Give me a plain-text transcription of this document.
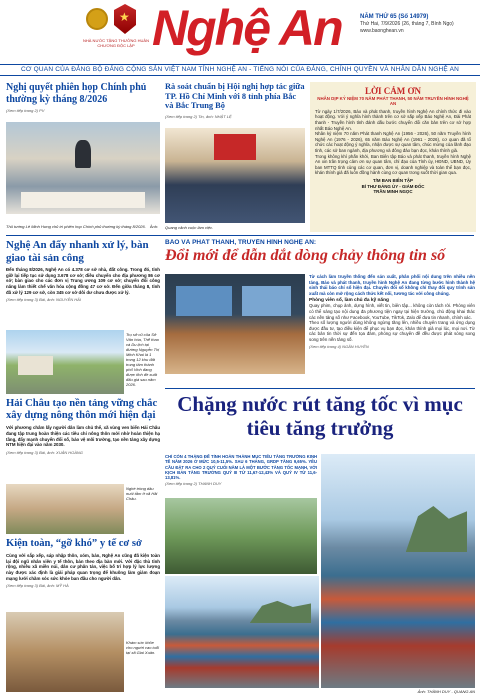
★
NHÀ NƯỚC TẶNG THƯỞNG HUÂN CHƯƠNG ĐỘC LẬP Nghệ An	NĂM THỨ 65 (Số 14979)
Thứ Hai, 7/9/2026 (26, tháng 7, Bính Ngọ)
www.baonghean.vn
CƠ QUAN CỦA ĐẢNG BỘ ĐẢNG CỘNG SẢN VIỆT NAM TỈNH NGHỆ AN - TIẾNG NÓI CỦA ĐẢNG, CHÍNH QUYỀN VÀ NHÂN DÂN NGHỆ AN
Nghị quyết phiên họp Chính phủ thường kỳ tháng 8/2026
(Xem tiếp trang 2) PV
Thủ tướng Lê Minh Hưng chủ trì phiên họp Chính phủ thường kỳ tháng 8/2026. Ảnh:
Rà soát chuẩn bị Hội nghị hợp tác giữa TP. Hồ Chí Minh với 8 tỉnh phía Bắc và Bắc Trung Bộ
(Xem tiếp trang 2) Tin, ảnh: NHẬT LỆ
Quang cảnh cuộc làm việc.
LỜI CẢM ƠN
NHÂN DỊP KỶ NIỆM 70 NĂM PHÁT THANH, 50 NĂM TRUYỀN HÌNH NGHỆ AN
Từ ngày 1/7/2026, Báo và phát thanh, truyền hình Nghệ An chính thức đi vào hoạt động. Với ý nghĩa hình thành trên cơ sở sắp xếp Báo Nghệ An, Đài Phát thanh - Truyền hình tỉnh đánh dấu bước chuyển đổi căn bản trên cơ sở hợp nhất Báo Nghệ An.
Nhân kỷ niệm 70 năm Phát thanh Nghệ An (1956 - 2026), 50 năm Truyền hình Nghệ An (1976 - 2026), 65 năm Báo Nghệ An (1961 - 2026), cơ quan đã tổ chức các hoạt động ý nghĩa, nhận được sự quan tâm, chúc mừng của lãnh đạo tỉnh, các sở ban ngành, địa phương và đông đảo bạn đọc, khán thính giả.
Trong không khí phấn khởi, Ban Biên tập Báo và phát thanh, truyền hình Nghệ An xin trân trọng cảm ơn sự quan tâm, chỉ đạo của Tỉnh ủy, HĐND, UBND, Ủy ban MTTQ tỉnh cùng các cơ quan, đơn vị, doanh nghiệp và toàn thể bạn đọc, khán thính giả đã luôn đồng hành cùng cơ quan trong suốt thời gian qua.
T/M BAN BIÊN TẬP
BÍ THƯ ĐẢNG ỦY - GIÁM ĐỐC
TRẦN MINH NGỌC
Nghệ An đẩy nhanh xử lý, bàn giao tài sản công
Đến tháng 8/2026, Nghệ An có 4.378 cơ sở nhà, đất công. Trong đó, tỉnh giữ lại tiếp tục sử dụng 3.678 cơ sở; điều chuyển cho địa phương 86 cơ sở; bàn giao cho các đơn vị Trung ương 109 cơ sở; chuyển đổi công năng làm thiết chế văn hóa cộng đồng 47 cơ sở. Đến giữa tháng 8, tỉnh đã xử lý 129 cơ sở, còn 345 cơ sở dôi dư chưa được xử lý.
(Xem tiếp trang 3) Bài, ảnh: NGUYỄN HẢI
Trụ sở cũ của Sở Văn hóa, Thể thao và Du lịch tại đường Nguyễn Thị Minh Khai là 1 trong 12 khu đất trung tâm thành phố Vinh đang được tỉnh đề xuất đấu giá sau năm 2026.
Hải Châu tạo nền tảng vững chắc xây dựng nông thôn mới hiện đại
Với phương châm lấy người dân làm chủ thể, xã vùng ven biển Hải Châu đang tập trung hoàn thiện các tiêu chí nông thôn mới nhờ hoàn thiện hạ tầng, đẩy mạnh chuyển đổi số, bảo vệ môi trường, tạo nền tảng xây dựng NTM hiện đại vào năm 2030.
(Xem tiếp trang 3) Bài, ảnh: XUÂN HOÀNG
Nghề trồng dâu nuôi tằm ở xã Hải Châu.
Kiện toàn, “gỡ khó” y tế cơ sở
Cùng với sắp xếp, sáp nhập thôn, xóm, bản, Nghệ An cũng đã kiện toàn lại đội ngũ nhân viên y tế thôn, bản theo địa bàn mới. Với đặc thù tỉnh rộng, nhiều xã miền núi, dân cư phân tán, việc bố trí hợp lý lực lượng này được xác định là giải pháp quan trọng để khuông làm giảm đoạn mạng lưới chăm sóc sức khỏe ban đầu cho người dân.
(Xem tiếp trang 3) Bài, ảnh: MỸ HÀ
Khám sức khỏe cho người cao tuổi tại xã Giai Xuân.
BÁO VÀ PHÁT THANH, TRUYỀN HÌNH NGHỆ AN:
Đổi mới để dẫn dắt dòng chảy thông tin số
Từ cách làm truyền thống đến sản xuất, phân phối nội dung trên nhiều nền tảng, Báo và phát thanh, truyền hình Nghệ An đang từng bước hình thành hệ sinh thái báo chí số hiện đại. Chuyển đổi số không chỉ thay đổi quy trình sản xuất mà còn mở rộng cách thức kết nối, tương tác với công chúng.
Phòng viên số, làm chủ đa kỹ năng
Quay phim, chụp ảnh, dựng hình, viết tin, biên tập... không còn tách rời. Phóng viên có thể sáng tạo nội dung đa phương tiện ngay tại hiện trường, chủ động khai thác các nền tảng số như Facebook, YouTube, TikTok, Zalo để đưa tin nhanh, chính xác.
Theo số lượng người dùng không ngừng tăng lên, nhiều chuyên trang và ứng dụng được đầu tư, tạo điều kiện để phục vụ bạn đọc, khán thính giả mọi lúc, mọi nơi. Từ các bản tin thời sự đến tọa đàm, phóng sự chuyên đề đều được phát sóng song song trên nền tảng số.
(Xem tiếp trang 4) NGÂN HUYỀN
Chặng nước rút tăng tốc vì mục tiêu tăng trưởng
CHỈ CÒN 4 THÁNG ĐỂ TỈNH HOÀN THÀNH MỤC TIÊU TĂNG TRƯỞNG KINH TẾ NĂM 2026 Ở MỨC 10,5-11,5%. SAU 6 THÁNG, GRDP TĂNG 9,65%. YÊU CẦU ĐẶT RA CHO 2 QUÝ CUỐI NĂM LÀ MỘT BƯỚC TĂNG TỐC MẠNH, VỚI KỊCH BẢN TĂNG TRƯỞNG QUÝ III TỪ 11,67-12,43% VÀ QUÝ IV TỪ 11,6-13,81%.
(Xem tiếp trang 2) THANH DUY
Ảnh: THÀNH DUY - QUANG AN
